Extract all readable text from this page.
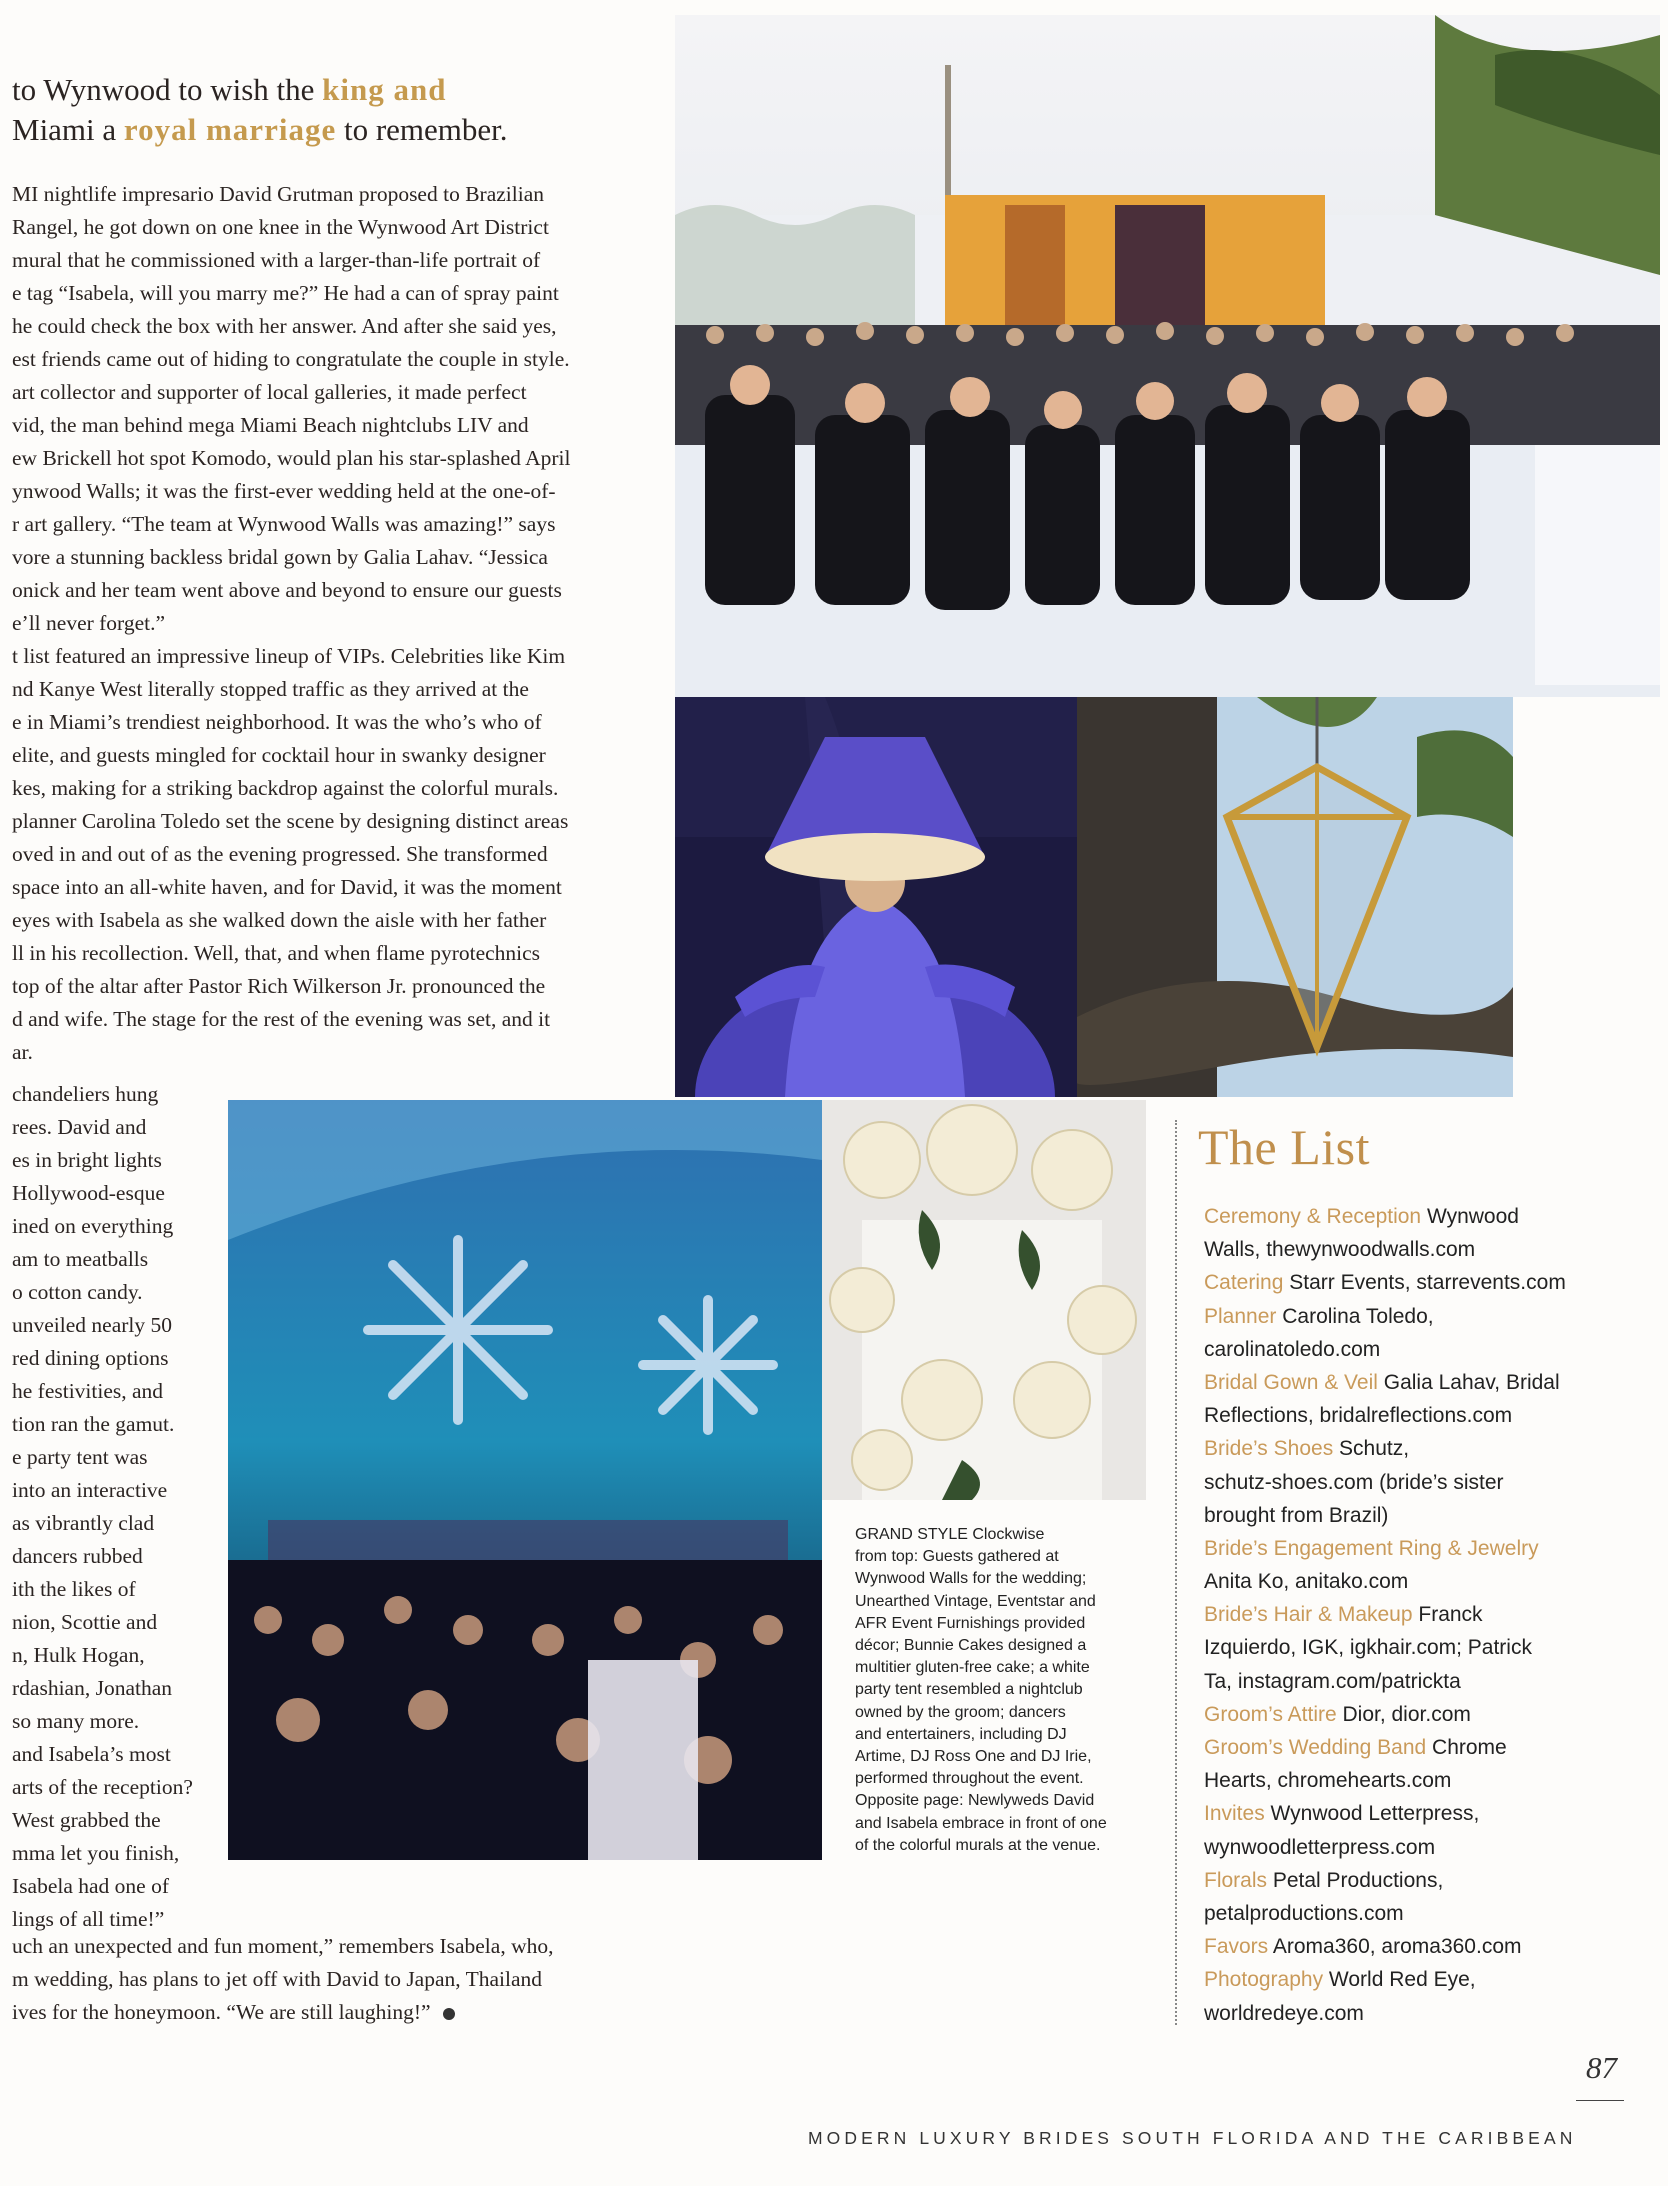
to Wynwood to wish the king and
Miami a royal marriage to remember.
MI nightlife impresario David Grutman proposed to Brazilian
Rangel, he got down on one knee in the Wynwood Art District
mural that he commissioned with a larger-than-life portrait of
e tag “Isabela, will you marry me?” He had a can of spray paint
he could check the box with her answer. And after she said yes,
est friends came out of hiding to congratulate the couple in style.
art collector and supporter of local galleries, it made perfect
vid, the man behind mega Miami Beach nightclubs LIV and
ew Brickell hot spot Komodo, would plan his star-splashed April
ynwood Walls; it was the first-ever wedding held at the one-of-
r art gallery. “The team at Wynwood Walls was amazing!” says
vore a stunning backless bridal gown by Galia Lahav. “Jessica
onick and her team went above and beyond to ensure our guests
e’ll never forget.”
t list featured an impressive lineup of VIPs. Celebrities like Kim
nd Kanye West literally stopped traffic as they arrived at the
e in Miami’s trendiest neighborhood. It was the who’s who of
elite, and guests mingled for cocktail hour in swanky designer
kes, making for a striking backdrop against the colorful murals.
planner Carolina Toledo set the scene by designing distinct areas
oved in and out of as the evening progressed. She transformed
space into an all-white haven, and for David, it was the moment
eyes with Isabela as she walked down the aisle with her father
ll in his recollection. Well, that, and when flame pyrotechnics
top of the altar after Pastor Rich Wilkerson Jr. pronounced the
d and wife. The stage for the rest of the evening was set, and it
ar.
chandeliers hung
rees. David and
es in bright lights
Hollywood-esque
ined on everything
am to meatballs
o cotton candy.
unveiled nearly 50
red dining options
he festivities, and
tion ran the gamut.
e party tent was
into an interactive
as vibrantly clad
dancers rubbed
ith the likes of
nion, Scottie and
n, Hulk Hogan,
rdashian, Jonathan
so many more.
and Isabela’s most
arts of the reception?
West grabbed the
mma let you finish,
Isabela had one of
lings of all time!”
uch an unexpected and fun moment,” remembers Isabela, who,
m wedding, has plans to jet off with David to Japan, Thailand
ives for the honeymoon. “We are still laughing!”
GRAND STYLE Clockwise
from top: Guests gathered at
Wynwood Walls for the wedding;
Unearthed Vintage, Eventstar and
AFR Event Furnishings provided
décor; Bunnie Cakes designed a
multitier gluten-free cake; a white
party tent resembled a nightclub
owned by the groom; dancers
and entertainers, including DJ
Artime, DJ Ross One and DJ Irie,
performed throughout the event.
Opposite page: Newlyweds David
and Isabela embrace in front of one
of the colorful murals at the venue.
The List
Ceremony & Reception Wynwood
Walls, thewynwoodwalls.com
Catering Starr Events, starrevents.com
Planner Carolina Toledo,
carolinatoledo.com
Bridal Gown & Veil Galia Lahav, Bridal
Reflections, bridalreflections.com
Bride’s Shoes Schutz,
schutz-shoes.com (bride’s sister
brought from Brazil)
Bride’s Engagement Ring & Jewelry
Anita Ko, anitako.com
Bride’s Hair & Makeup Franck
Izquierdo, IGK, igkhair.com; Patrick
Ta, instagram.com/patrickta
Groom’s Attire Dior, dior.com
Groom’s Wedding Band Chrome
Hearts, chromehearts.com
Invites Wynwood Letterpress,
wynwoodletterpress.com
Florals Petal Productions,
petalproductions.com
Favors Aroma360, aroma360.com
Photography World Red Eye,
worldredeye.com
87
MODERN LUXURY BRIDES SOUTH FLORIDA AND THE CARIBBEAN
